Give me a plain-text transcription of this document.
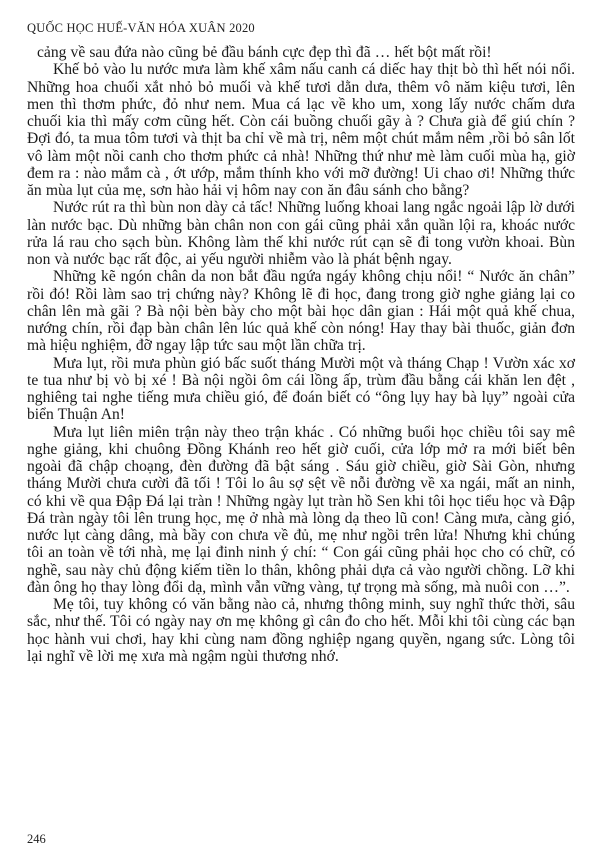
QUỐC HỌC HUẾ-VĂN HÓA XUÂN 2020

cảng về sau đứa nào cũng bẻ đầu bánh cực đẹp thì đã … hết bột mất rồi!

Khế bỏ vào lu nước mưa làm khế xâm nấu canh cá diếc hay thịt bò thì hết nói nổi. Những hoa chuối xắt nhỏ bỏ muối và khế tươi dằn dưa, thêm vô năm kiệu tươi, lên men thì thơm phức, đỏ như nem. Mua cá lạc về kho um, xong lấy nước chấm dưa chuối kia thì mấy cơm cũng hết. Còn cái buồng chuối gãy à ? Chưa già để giú chín ? Đợi đó, ta mua tôm tươi và thịt ba chỉ về mà trị, nêm một chút mắm nêm ,rồi bỏ sân lốt vô làm một nồi canh cho thơm phức cả nhà! Những thứ như mè làm cuối mùa hạ, giờ đem ra : nào mắm cà , ớt ướp, mắm thính kho với mỡ đường! Ui chao ơi! Những thức ăn mùa lụt của mẹ, sơn hào hải vị hôm nay con ăn đâu sánh cho bằng?

Nước rút ra thì bùn non dày cả tấc! Những luống khoai lang ngắc ngoải lập lờ dưới làn nước bạc. Dù những bàn chân non con gái cũng phải xắn quần lội ra, khoác nước rửa lá rau cho sạch bùn. Không làm thế khi nước rút cạn sẽ đi tong vườn khoai. Bùn non và nước bạc rất độc, ai yếu người nhiễm vào là phát bệnh ngay.

Những kẽ ngón chân da non bắt đầu ngứa ngáy không chịu nổi! “ Nước ăn chân” rồi đó! Rồi làm sao trị chứng này? Không lẽ đi học, đang trong giờ nghe giảng lại co chân lên mà gãi ? Bà nội bèn bày cho một bài học dân gian : Hái một quả khế chua, nướng chín, rồi đạp bàn chân lên lúc quả khế còn nóng! Hay thay bài thuốc, giản đơn mà hiệu nghiệm, đỡ ngay lập tức sau một lần chữa trị.

Mưa lụt, rồi mưa phùn gió bấc suốt tháng Mười một và tháng Chạp ! Vườn xác xơ te tua như bị vò bị xé ! Bà nội ngồi ôm cái lồng ấp, trùm đầu bằng cái khăn len đệt , nghiêng tai nghe tiếng mưa chiều gió, để đoán biết có “ông lụy hay bà lụy” ngoài cửa biển Thuận An!

Mưa lụt liên miên trận này theo trận khác . Có những buổi học chiều tôi say mê nghe giảng, khi chuông Đồng Khánh reo hết giờ cuối, cửa lớp mở ra mới biết bên ngoài đã chập choạng, đèn đường đã bật sáng . Sáu giờ chiều, giờ Sài Gòn, nhưng tháng Mười chưa cười đã tối ! Tôi lo âu sợ sệt về nỗi đường về xa ngái, mất an ninh, có khi về qua Đập Đá lại tràn ! Những ngày lụt tràn hồ Sen khi tôi học tiểu học và Đập Đá tràn ngày tôi lên trung học, mẹ ở nhà mà lòng dạ theo lũ con! Càng mưa, càng gió, nước lụt càng dâng, mà bầy con chưa về đủ, mẹ như ngồi trên lửa! Nhưng khi chúng tôi an toàn về tới nhà, mẹ lại đinh ninh ý chí: “ Con gái cũng phải học cho có chữ, có nghề, sau này chủ động kiếm tiền lo thân, không phải dựa cả vào người chồng. Lỡ khi đàn ông họ thay lòng đổi dạ, mình vẫn vững vàng, tự trọng mà sống, mà nuôi con …”.

Mẹ tôi, tuy không có văn bằng nào cả, nhưng thông minh, suy nghĩ thức thời, sâu sắc, như thế. Tôi có ngày nay ơn mẹ không gì cân đo cho hết. Mỗi khi tôi cùng các bạn học hành vui chơi, hay khi cùng nam đồng nghiệp ngang quyền, ngang sức. Lòng tôi lại nghĩ về lời mẹ xưa mà ngậm ngùi thương nhớ.

246
